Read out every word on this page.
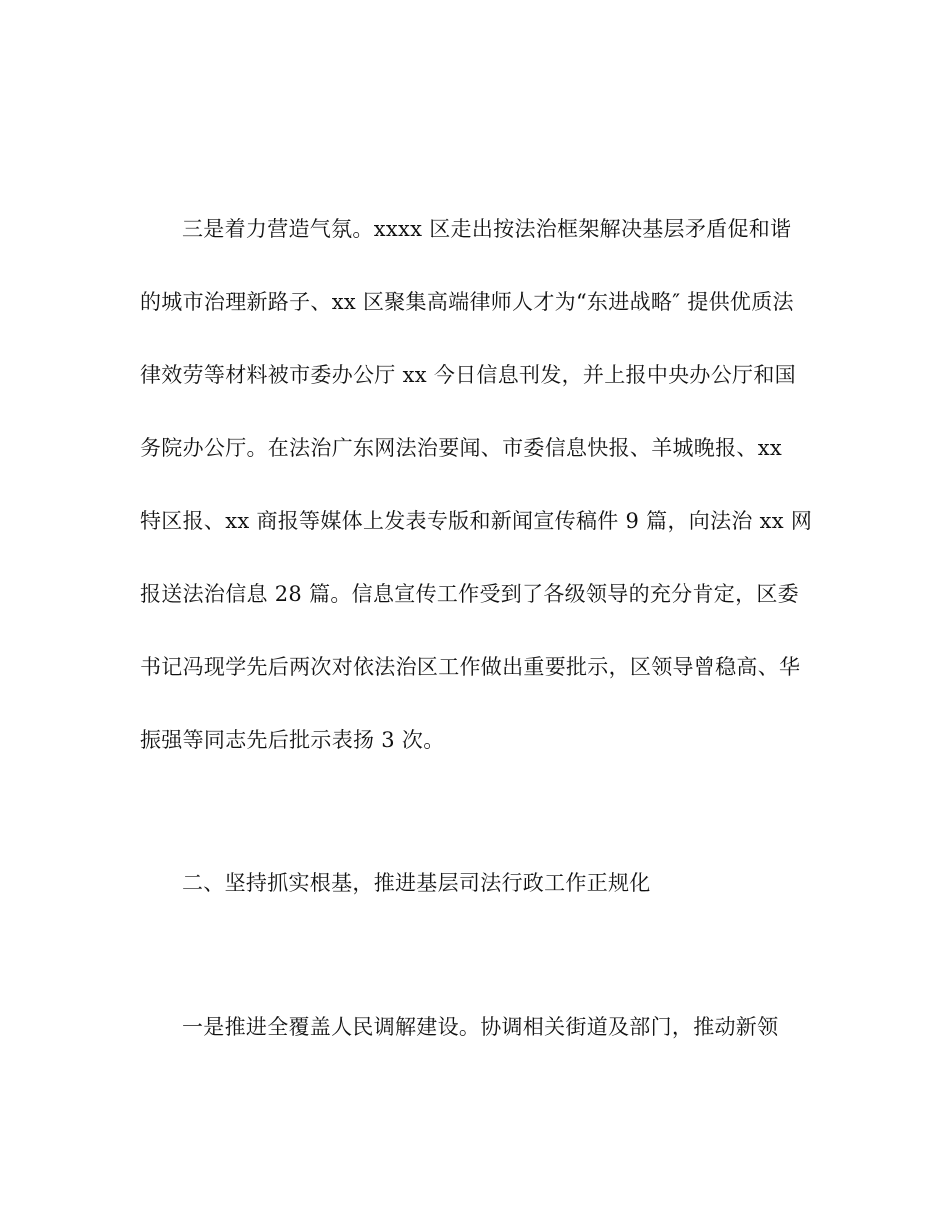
三是着力营造气氛。xxxx 区走出按法治框架解决基层矛盾促和谐

的城市治理新路子、xx 区聚集高端律师人才为“东进战略″ 提供优质法

律效劳等材料被市委办公厅 xx 今日信息刊发，并上报中央办公厅和国

务院办公厅。在法治广东网法治要闻、市委信息快报、羊城晚报、xx

特区报、xx 商报等媒体上发表专版和新闻宣传稿件 9 篇，向法治 xx 网

报送法治信息 28 篇。信息宣传工作受到了各级领导的充分肯定，区委

书记冯现学先后两次对依法治区工作做出重要批示，区领导曾稳高、华

振强等同志先后批示表扬 3 次。

二、坚持抓实根基，推进基层司法行政工作正规化

一是推进全覆盖人民调解建设。协调相关街道及部门，推动新领
